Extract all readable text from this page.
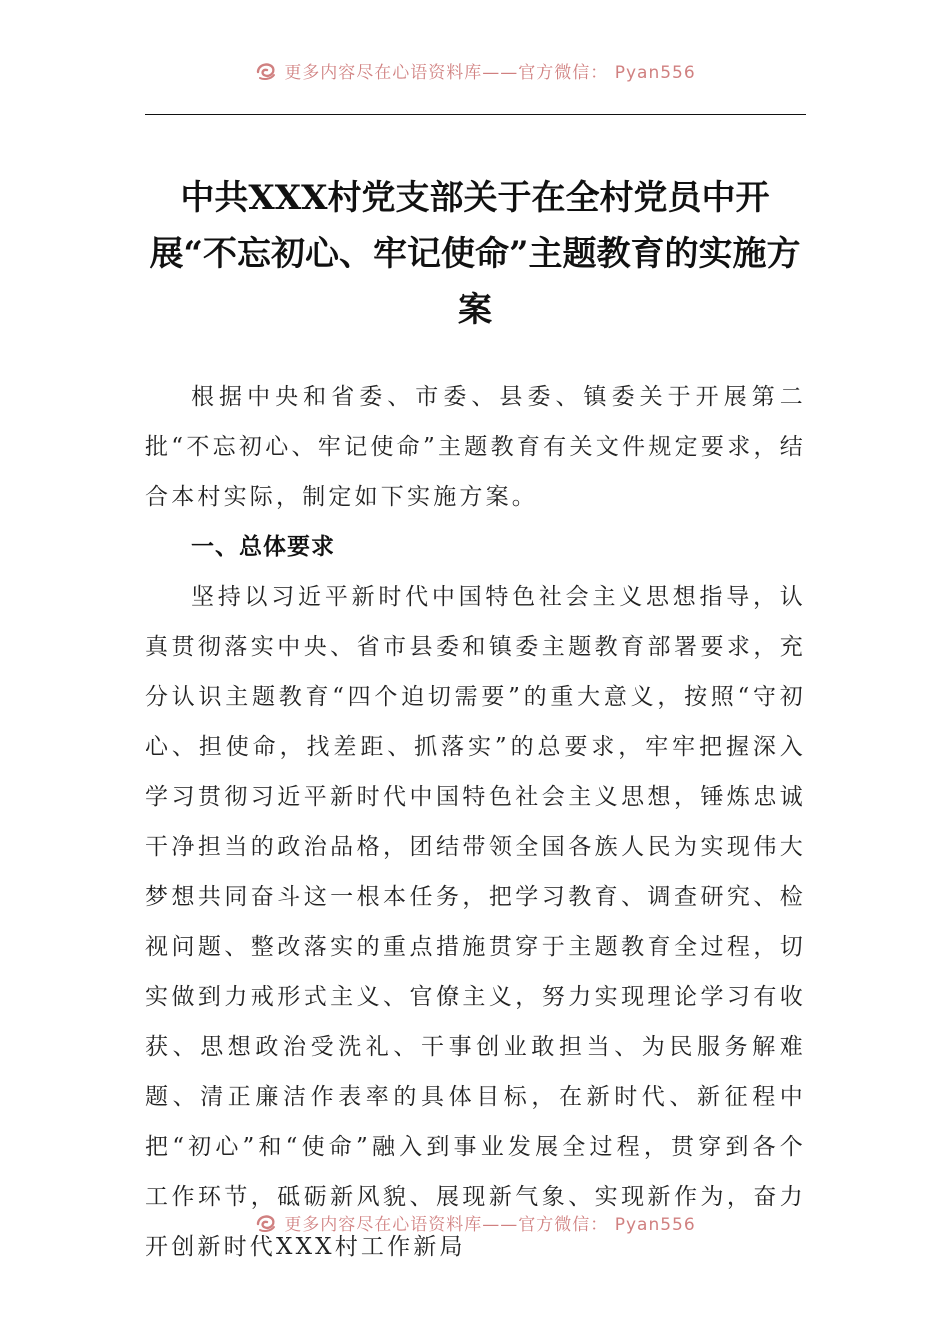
更多内容尽在心语资料库——官方微信： Pyan556
中共XXX村党支部关于在全村党员中开展“不忘初心、牢记使命”主题教育的实施方案

根据中央和省委、市委、县委、镇委关于开展第二批“不忘初心、牢记使命”主题教育有关文件规定要求，结合本村实际，制定如下实施方案。

一、总体要求

坚持以习近平新时代中国特色社会主义思想指导，认真贯彻落实中央、省市县委和镇委主题教育部署要求，充分认识主题教育“四个迫切需要”的重大意义，按照“守初心、担使命，找差距、抓落实”的总要求，牢牢把握深入学习贯彻习近平新时代中国特色社会主义思想，锤炼忠诚干净担当的政治品格，团结带领全国各族人民为实现伟大梦想共同奋斗这一根本任务，把学习教育、调查研究、检视问题、整改落实的重点措施贯穿于主题教育全过程，切实做到力戒形式主义、官僚主义，努力实现理论学习有收获、思想政治受洗礼、干事创业敢担当、为民服务解难题、清正廉洁作表率的具体目标，在新时代、新征程中把“初心”和“使命”融入到事业发展全过程，贯穿到各个工作环节，砥砺新风貌、展现新气象、实现新作为，奋力开创新时代XXX村工作新局

更多内容尽在心语资料库——官方微信： Pyan556
